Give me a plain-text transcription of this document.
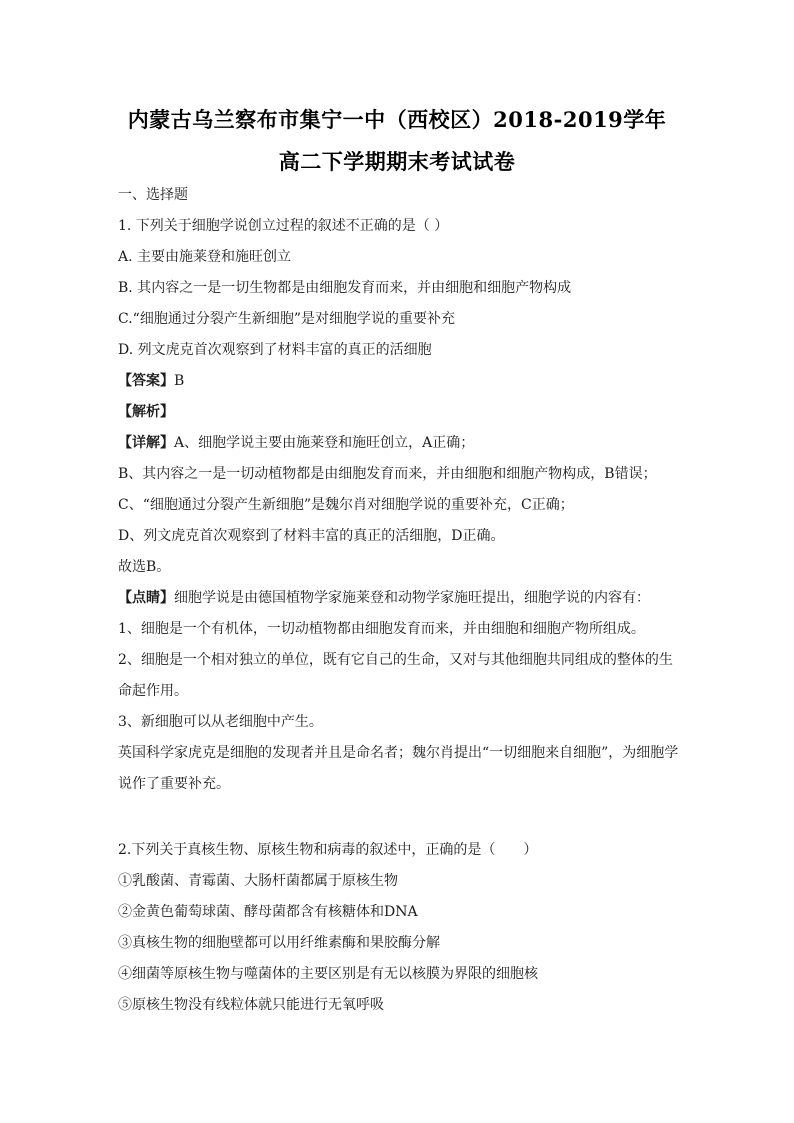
内蒙古乌兰察布市集宁一中（西校区）2018-2019学年
高二下学期期末考试试卷
一、选择题
1. 下列关于细胞学说创立过程的叙述不正确的是（ ）
A. 主要由施莱登和施旺创立
B. 其内容之一是一切生物都是由细胞发育而来，并由细胞和细胞产物构成
C.“细胞通过分裂产生新细胞”是对细胞学说的重要补充
D. 列文虎克首次观察到了材料丰富的真正的活细胞
【答案】B
【解析】
【详解】A、细胞学说主要由施莱登和施旺创立，A正确；
B、其内容之一是一切动植物都是由细胞发育而来，并由细胞和细胞产物构成，B错误；
C、“细胞通过分裂产生新细胞”是魏尔肖对细胞学说的重要补充，C正确；
D、列文虎克首次观察到了材料丰富的真正的活细胞，D正确。
故选B。
【点睛】细胞学说是由德国植物学家施莱登和动物学家施旺提出，细胞学说的内容有：
1、细胞是一个有机体，一切动植物都由细胞发育而来，并由细胞和细胞产物所组成。
2、细胞是一个相对独立的单位，既有它自己的生命，又对与其他细胞共同组成的整体的生
命起作用。
3、新细胞可以从老细胞中产生。
英国科学家虎克是细胞的发现者并且是命名者；魏尔肖提出“一切细胞来自细胞”，为细胞学
说作了重要补充。
2.下列关于真核生物、原核生物和病毒的叙述中，正确的是（　　）
①乳酸菌、青霉菌、大肠杆菌都属于原核生物
②金黄色葡萄球菌、酵母菌都含有核糖体和DNA
③真核生物的细胞壁都可以用纤维素酶和果胶酶分解
④细菌等原核生物与噬菌体的主要区别是有无以核膜为界限的细胞核
⑤原核生物没有线粒体就只能进行无氧呼吸
